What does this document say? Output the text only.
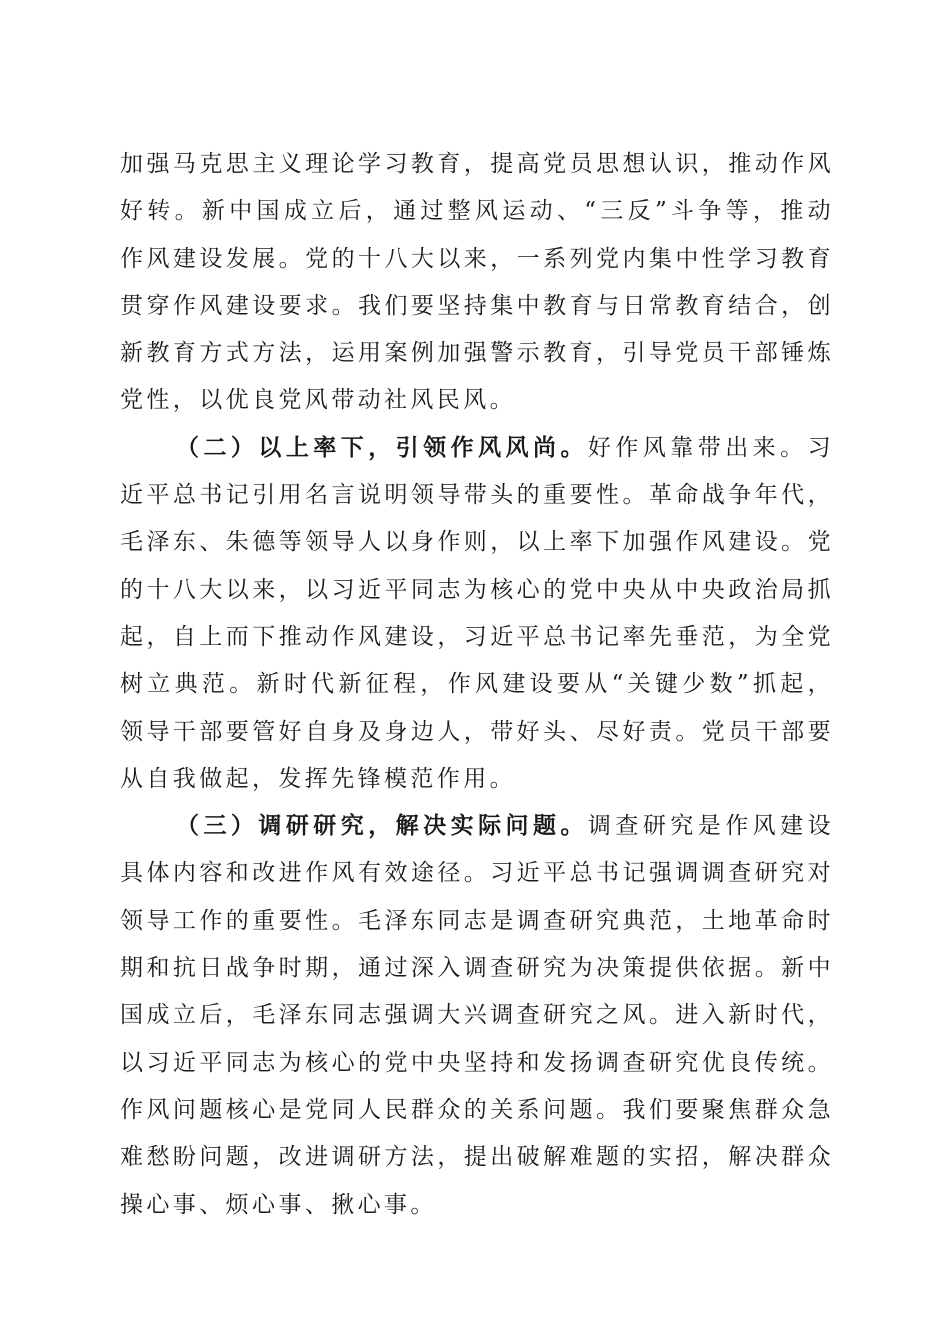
加强马克思主义理论学习教育，提高党员思想认识，推动作风好转。新中国成立后，通过整风运动、“三反”斗争等，推动作风建设发展。党的十八大以来，一系列党内集中性学习教育贯穿作风建设要求。我们要坚持集中教育与日常教育结合，创新教育方式方法，运用案例加强警示教育，引导党员干部锤炼党性，以优良党风带动社风民风。

（二）以上率下，引领作风风尚。好作风靠带出来。习近平总书记引用名言说明领导带头的重要性。革命战争年代，毛泽东、朱德等领导人以身作则，以上率下加强作风建设。党的十八大以来，以习近平同志为核心的党中央从中央政治局抓起，自上而下推动作风建设，习近平总书记率先垂范，为全党树立典范。新时代新征程，作风建设要从“关键少数”抓起，领导干部要管好自身及身边人，带好头、尽好责。党员干部要从自我做起，发挥先锋模范作用。

（三）调研研究，解决实际问题。调查研究是作风建设具体内容和改进作风有效途径。习近平总书记强调调查研究对领导工作的重要性。毛泽东同志是调查研究典范，土地革命时期和抗日战争时期，通过深入调查研究为决策提供依据。新中国成立后，毛泽东同志强调大兴调查研究之风。进入新时代，以习近平同志为核心的党中央坚持和发扬调查研究优良传统。作风问题核心是党同人民群众的关系问题。我们要聚焦群众急难愁盼问题，改进调研方法，提出破解难题的实招，解决群众操心事、烦心事、揪心事。
